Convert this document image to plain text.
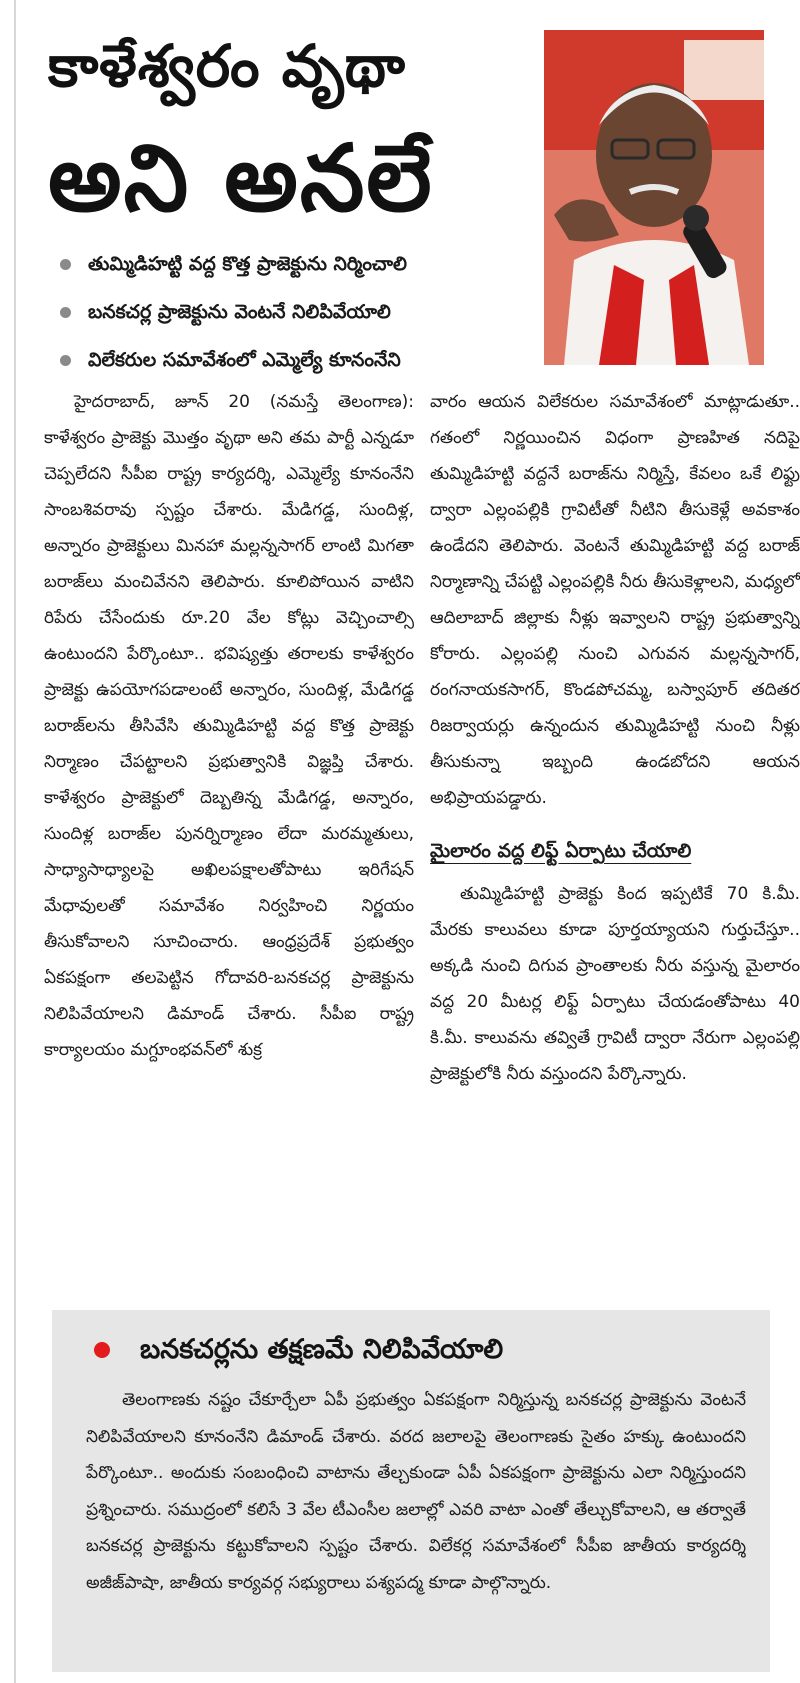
కాళేశ్వరం వృథా
అని అనలే
తుమ్మిడిహట్టి వద్ద కొత్త ప్రాజెక్టును నిర్మించాలి
బనకచర్ల ప్రాజెక్టును వెంటనే నిలిపివేయాలి
విలేకరుల సమావేశంలో ఎమ్మెల్యే కూనంనేని

హైదరాబాద్, జూన్ 20 (నమస్తే తెలంగాణ): కాళేశ్వరం ప్రాజెక్టు మొత్తం వృథా అని తమ పార్టీ ఎన్నడూ చెప్పలేదని సీపీఐ రాష్ట్ర కార్యదర్శి, ఎమ్మెల్యే కూనంనేని సాంబశివరావు స్పష్టం చేశారు. మేడిగడ్డ, సుందిళ్ల, అన్నారం ప్రాజెక్టులు మినహా మల్లన్నసాగర్ లాంటి మిగతా బరాజ్‌లు మంచివేనని తెలిపారు. కూలిపోయిన వాటిని రిపేరు చేసేందుకు రూ.20 వేల కోట్లు వెచ్చించాల్సి ఉంటుందని పేర్కొంటూ.. భవిష్యత్తు తరాలకు కాళేశ్వరం ప్రాజెక్టు ఉపయోగపడాలంటే అన్నారం, సుందిళ్ల, మేడిగడ్డ బరాజ్‌లను తీసివేసి తుమ్మిడిహట్టి వద్ద కొత్త ప్రాజెక్టు నిర్మాణం చేపట్టాలని ప్రభుత్వానికి విజ్ఞప్తి చేశారు. కాళేశ్వరం ప్రాజెక్టులో దెబ్బతిన్న మేడిగడ్డ, అన్నారం, సుందిళ్ల బరాజ్‌ల పునర్నిర్మాణం లేదా మరమ్మతులు, సాధ్యాసాధ్యాలపై అఖిలపక్షాలతోపాటు ఇరిగేషన్ మేధావులతో సమావేశం నిర్వహించి నిర్ణయం తీసుకోవాలని సూచించారు. ఆంధ్రప్రదేశ్ ప్రభుత్వం ఏకపక్షంగా తలపెట్టిన గోదావరి-బనకచర్ల ప్రాజెక్టును నిలిపివేయాలని డిమాండ్ చేశారు. సీపీఐ రాష్ట్ర కార్యాలయం మగ్దూంభవన్‌లో శుక్ర

వారం ఆయన విలేకరుల సమావేశంలో మాట్లాడుతూ.. గతంలో నిర్ణయించిన విధంగా ప్రాణహిత నదిపై తుమ్మిడిహట్టి వద్దనే బరాజ్‌ను నిర్మిస్తే, కేవలం ఒకే లిఫ్టు ద్వారా ఎల్లంపల్లికి గ్రావిటీతో నీటిని తీసుకెళ్లే అవకాశం ఉండేదని తెలిపారు. వెంటనే తుమ్మిడిహట్టి వద్ద బరాజ్ నిర్మాణాన్ని చేపట్టి ఎల్లంపల్లికి నీరు తీసుకెళ్లాలని, మధ్యలో ఆదిలాబాద్ జిల్లాకు నీళ్లు ఇవ్వాలని రాష్ట్ర ప్రభుత్వాన్ని కోరారు. ఎల్లంపల్లి నుంచి ఎగువన మల్లన్నసాగర్, రంగనాయకసాగర్, కొండపోచమ్మ, బస్వాపూర్ తదితర రిజర్వాయర్లు ఉన్నందున తుమ్మిడిహట్టి నుంచి నీళ్లు తీసుకున్నా ఇబ్బంది ఉండబోదని ఆయన అభిప్రాయపడ్డారు.

మైలారం వద్ద లిఫ్ట్ ఏర్పాటు చేయాలి

తుమ్మిడిహట్టి ప్రాజెక్టు కింద ఇప్పటికే 70 కి.మీ. మేరకు కాలువలు కూడా పూర్తయ్యాయని గుర్తుచేస్తూ.. అక్కడి నుంచి దిగువ ప్రాంతాలకు నీరు వస్తున్న మైలారం వద్ద 20 మీటర్ల లిఫ్ట్ ఏర్పాటు చేయడంతోపాటు 40 కి.మీ. కాలువను తవ్వితే గ్రావిటీ ద్వారా నేరుగా ఎల్లంపల్లి ప్రాజెక్టులోకి నీరు వస్తుందని పేర్కొన్నారు.

బనకచర్లను తక్షణమే నిలిపివేయాలి

తెలంగాణకు నష్టం చేకూర్చేలా ఏపీ ప్రభుత్వం ఏకపక్షంగా నిర్మిస్తున్న బనకచర్ల ప్రాజెక్టును వెంటనే నిలిపివేయాలని కూనంనేని డిమాండ్ చేశారు. వరద జలాలపై తెలంగాణకు సైతం హక్కు ఉంటుందని పేర్కొంటూ.. అందుకు సంబంధించి వాటాను తేల్చకుండా ఏపీ ఏకపక్షంగా ప్రాజెక్టును ఎలా నిర్మిస్తుందని ప్రశ్నించారు. సముద్రంలో కలిసే 3 వేల టీఎంసీల జలాల్లో ఎవరి వాటా ఎంతో తేల్చుకోవాలని, ఆ తర్వాతే బనకచర్ల ప్రాజెక్టును కట్టుకోవాలని స్పష్టం చేశారు. విలేకర్ల సమావేశంలో సీపీఐ జాతీయ కార్యదర్శి అజీజ్‌పాషా, జాతీయ కార్యవర్గ సభ్యురాలు పశ్యపద్మ కూడా పాల్గొన్నారు.
